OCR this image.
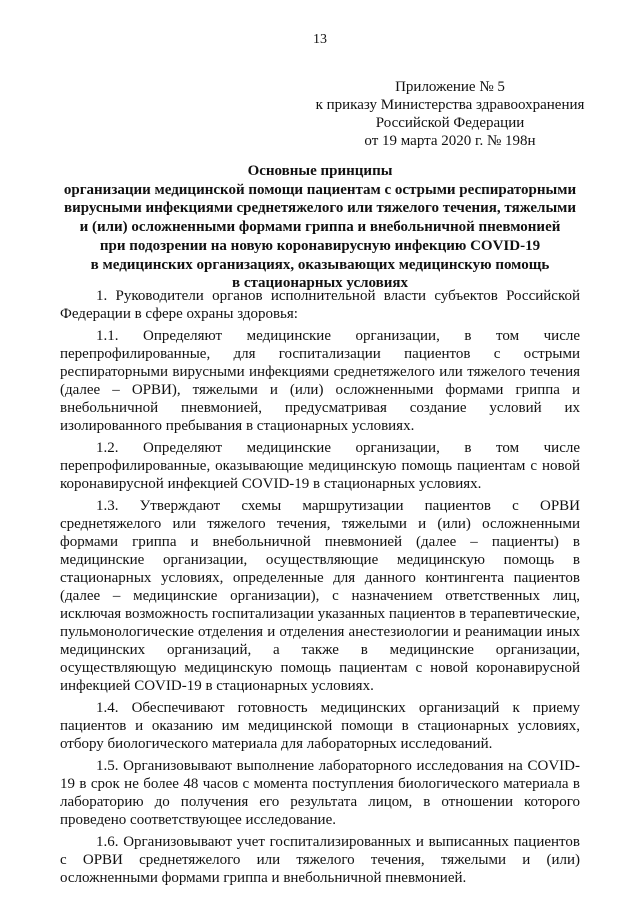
13
Приложение № 5
к приказу Министерства здравоохранения
Российской Федерации
от 19 марта 2020 г. № 198н
Основные принципы
организации медицинской помощи пациентам с острыми респираторными
вирусными инфекциями среднетяжелого или тяжелого течения, тяжелыми
и (или) осложненными формами гриппа и внебольничной пневмонией
при подозрении на новую коронавирусную инфекцию COVID-19
в медицинских организациях, оказывающих медицинскую помощь
в стационарных условиях

1. Руководители органов исполнительной власти субъектов Российской Федерации в сфере охраны здоровья:

1.1. Определяют медицинские организации, в том числе перепрофилированные, для госпитализации пациентов с острыми респираторными вирусными инфекциями среднетяжелого или тяжелого течения (далее – ОРВИ), тяжелыми и (или) осложненными формами гриппа и внебольничной пневмонией, предусматривая создание условий их изолированного пребывания в стационарных условиях.

1.2. Определяют медицинские организации, в том числе перепрофилированные, оказывающие медицинскую помощь пациентам с новой коронавирусной инфекцией COVID-19 в стационарных условиях.

1.3. Утверждают схемы маршрутизации пациентов с ОРВИ среднетяжелого или тяжелого течения, тяжелыми и (или) осложненными формами гриппа и внебольничной пневмонией (далее – пациенты) в медицинские организации, осуществляющие медицинскую помощь в стационарных условиях, определенные для данного контингента пациентов (далее – медицинские организации), с назначением ответственных лиц, исключая возможность госпитализации указанных пациентов в терапевтические, пульмонологические отделения и отделения анестезиологии и реанимации иных медицинских организаций, а также в медицинские организации, осуществляющую медицинскую помощь пациентам с новой коронавирусной инфекцией COVID-19 в стационарных условиях.

1.4. Обеспечивают готовность медицинских организаций к приему пациентов и оказанию им медицинской помощи в стационарных условиях, отбору биологического материала для лабораторных исследований.

1.5. Организовывают выполнение лабораторного исследования на COVID-19 в срок не более 48 часов с момента поступления биологического материала в лабораторию до получения его результата лицом, в отношении которого проведено соответствующее исследование.

1.6. Организовывают учет госпитализированных и выписанных пациентов с ОРВИ среднетяжелого или тяжелого течения, тяжелыми и (или) осложненными формами гриппа и внебольничной пневмонией.
